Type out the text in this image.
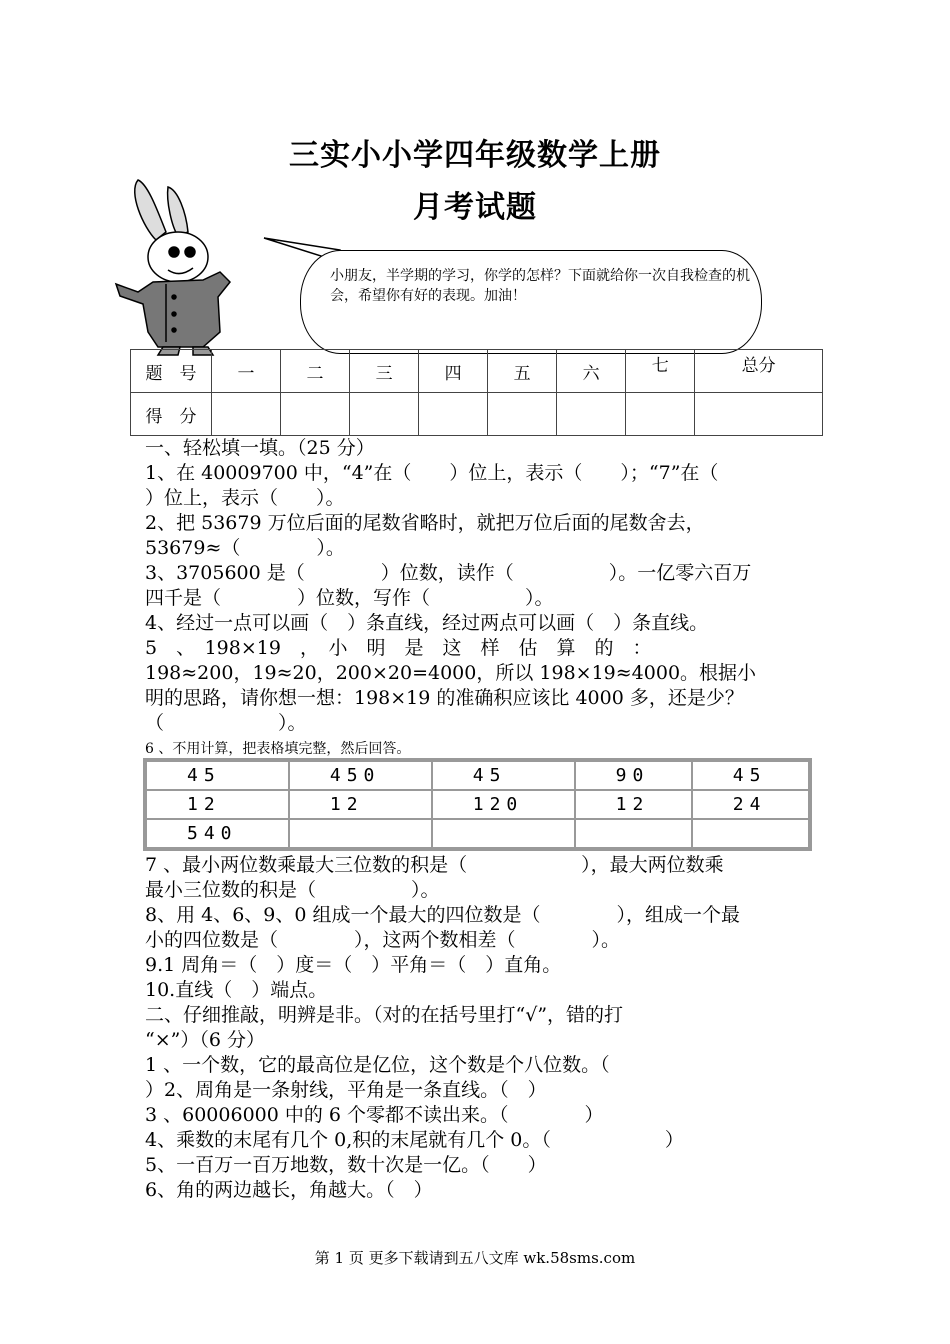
三实小小学四年级数学上册
月考试题
小朋友，半学期的学习，你学的怎样？下面就给你一次自我检查的机会，希望你有好的表现。加油！
题　号	一	二	三	四	五	六	七	总分
得　分								
一、轻松填一填。（25 分）
1、在 40009700 中，“4”在（　　）位上，表示（　　）；“7”在（
）位上，表示（　　）。
2、把 53679 万位后面的尾数省略时，就把万位后面的尾数舍去，
53679≈（　　　　）。
3、3705600 是（　　　　）位数，读作（　　　　　）。一亿零六百万
四千是（　　　　）位数，写作（　　　　　）。
4、经过一点可以画（　）条直线，经过两点可以画（　）条直线。
5　、　198×19　，　小　明　是　这　样　估　算　的　：
198≈200，19≈20，200×20=4000，所以 198×19≈4000。根据小
明的思路，请你想一想：198×19 的准确积应该比 4000 多，还是少？
（　　　　　　）。
6 、不用计算，把表格填完整，然后回答。
45	450	45	90	45
12	12	120	12	24
540				
7 、最小两位数乘最大三位数的积是（　　　　　　），最大两位数乘
最小三位数的积是（　　　　　）。
8、用 4、6、9、0 组成一个最大的四位数是（　　　　），组成一个最
小的四位数是（　　　　），这两个数相差（　　　　）。
9.1 周角＝（　）度＝（　）平角＝（　）直角。
10.直线（　）端点。
二、仔细推敲，明辨是非。（对的在括号里打“√”，错的打
“×”）（6 分）
1 、一个数，它的最高位是亿位，这个数是个八位数。（
）2、周角是一条射线，平角是一条直线。（　）
3 、60006000 中的 6 个零都不读出来。（　　　　）
4、乘数的末尾有几个 0,积的末尾就有几个 0。（　　　　　　）
5、一百万一百万地数，数十次是一亿。（　　）
6、角的两边越长，角越大。（　）
第 1 页 更多下载请到五八文库 wk.58sms.com
